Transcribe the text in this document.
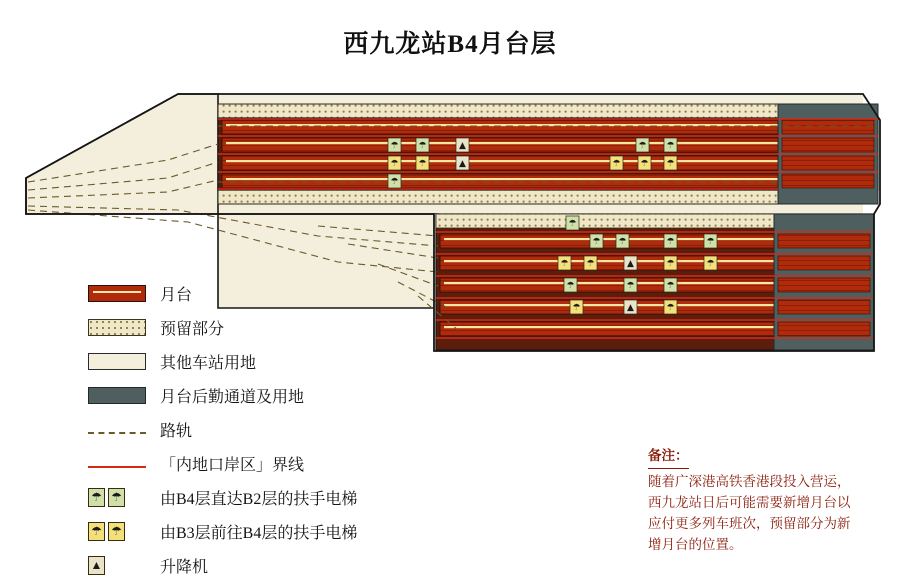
西九龙站B4月台层
☂ ☂	▲	☂ ☂
☂ ☂	▲	☂ ☂ ☂
☂
☂
☂ ☂	☂	☂
☂ ☂	▲	☂	☂
☂	☂	☂
☂	▲	☂
月台
预留部分
其他车站用地
月台后勤通道及用地
路轨
「内地口岸区」界线
☂ ☂ 由B4层直达B2层的扶手电梯
☂ ☂ 由B3层前往B4层的扶手电梯
▲	升降机
备注：

随着广深港高铁香港段投入营运，

西九龙站日后可能需要新增月台以

应付更多列车班次，预留部分为新

增月台的位置。
